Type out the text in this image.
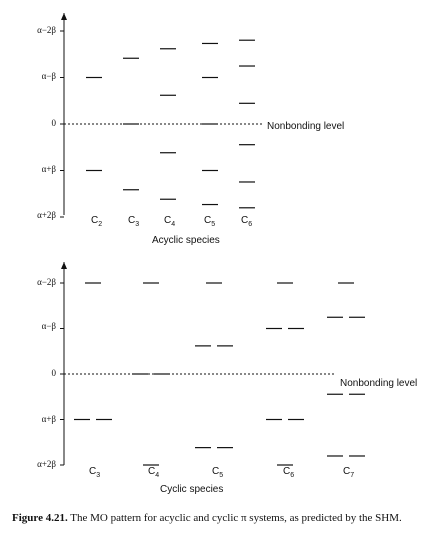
α−2β
α−β
0
α+β
α+2β	$C_2$	$C_3$ $C_4$	$C_5$	$C_6$
Acyclic species
Nonbonding level
α−2β
α−β
0
α+β
α+2β
$C_3$	$C_4$	$C_5$	$C_6$	$C_7$
Cyclic species
Nonbonding level
Figure 4.21. The MO pattern for acyclic and cyclic π systems, as predicted by the SHM.
